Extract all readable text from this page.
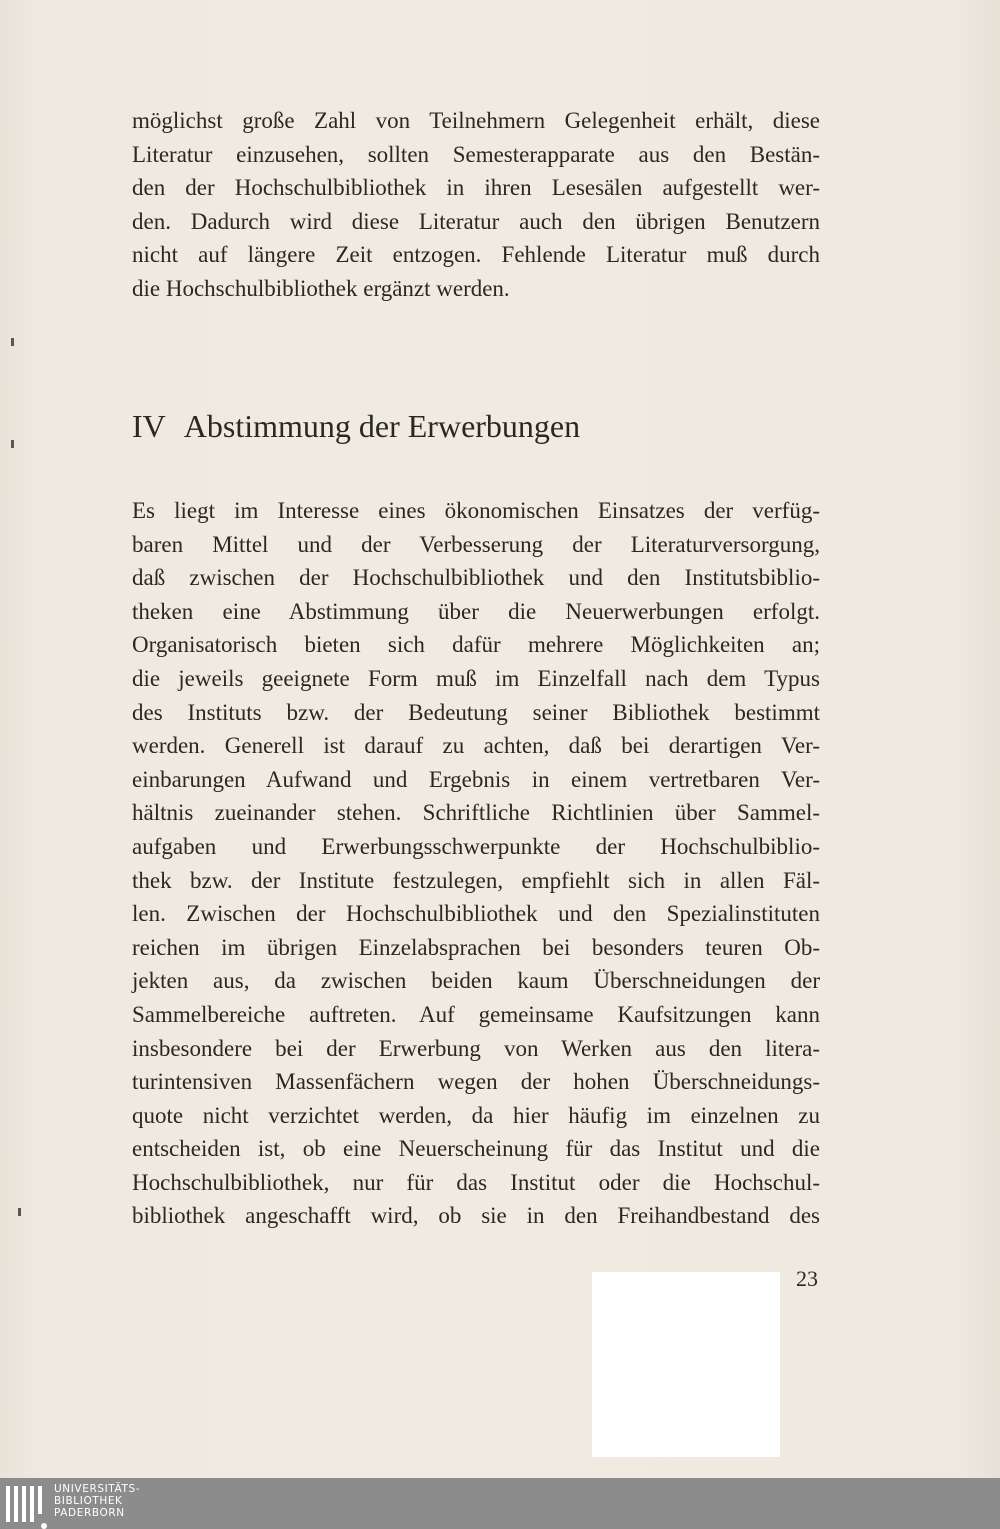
möglichst große Zahl von Teilnehmern Gelegenheit erhält, diese
Literatur einzusehen, sollten Semesterapparate aus den Bestän-
den der Hochschulbibliothek in ihren Lesesälen aufgestellt wer-
den. Dadurch wird diese Literatur auch den übrigen Benutzern
nicht auf längere Zeit entzogen. Fehlende Literatur muß durch
die Hochschulbibliothek ergänzt werden.
IV Abstimmung der Erwerbungen
Es liegt im Interesse eines ökonomischen Einsatzes der verfüg-
baren Mittel und der Verbesserung der Literaturversorgung,
daß zwischen der Hochschulbibliothek und den Institutsbiblio-
theken eine Abstimmung über die Neuerwerbungen erfolgt.
Organisatorisch bieten sich dafür mehrere Möglichkeiten an;
die jeweils geeignete Form muß im Einzelfall nach dem Typus
des Instituts bzw. der Bedeutung seiner Bibliothek bestimmt
werden. Generell ist darauf zu achten, daß bei derartigen Ver-
einbarungen Aufwand und Ergebnis in einem vertretbaren Ver-
hältnis zueinander stehen. Schriftliche Richtlinien über Sammel-
aufgaben und Erwerbungsschwerpunkte der Hochschulbiblio-
thek bzw. der Institute festzulegen, empfiehlt sich in allen Fäl-
len. Zwischen der Hochschulbibliothek und den Spezialinstituten
reichen im übrigen Einzelabsprachen bei besonders teuren Ob-
jekten aus, da zwischen beiden kaum Überschneidungen der
Sammelbereiche auftreten. Auf gemeinsame Kaufsitzungen kann
insbesondere bei der Erwerbung von Werken aus den litera-
turintensiven Massenfächern wegen der hohen Überschneidungs-
quote nicht verzichtet werden, da hier häufig im einzelnen zu
entscheiden ist, ob eine Neuerscheinung für das Institut und die
Hochschulbibliothek, nur für das Institut oder die Hochschul-
bibliothek angeschafft wird, ob sie in den Freihandbestand des
23
UNIVERSITÄTS-
BIBLIOTHEK
PADERBORN
